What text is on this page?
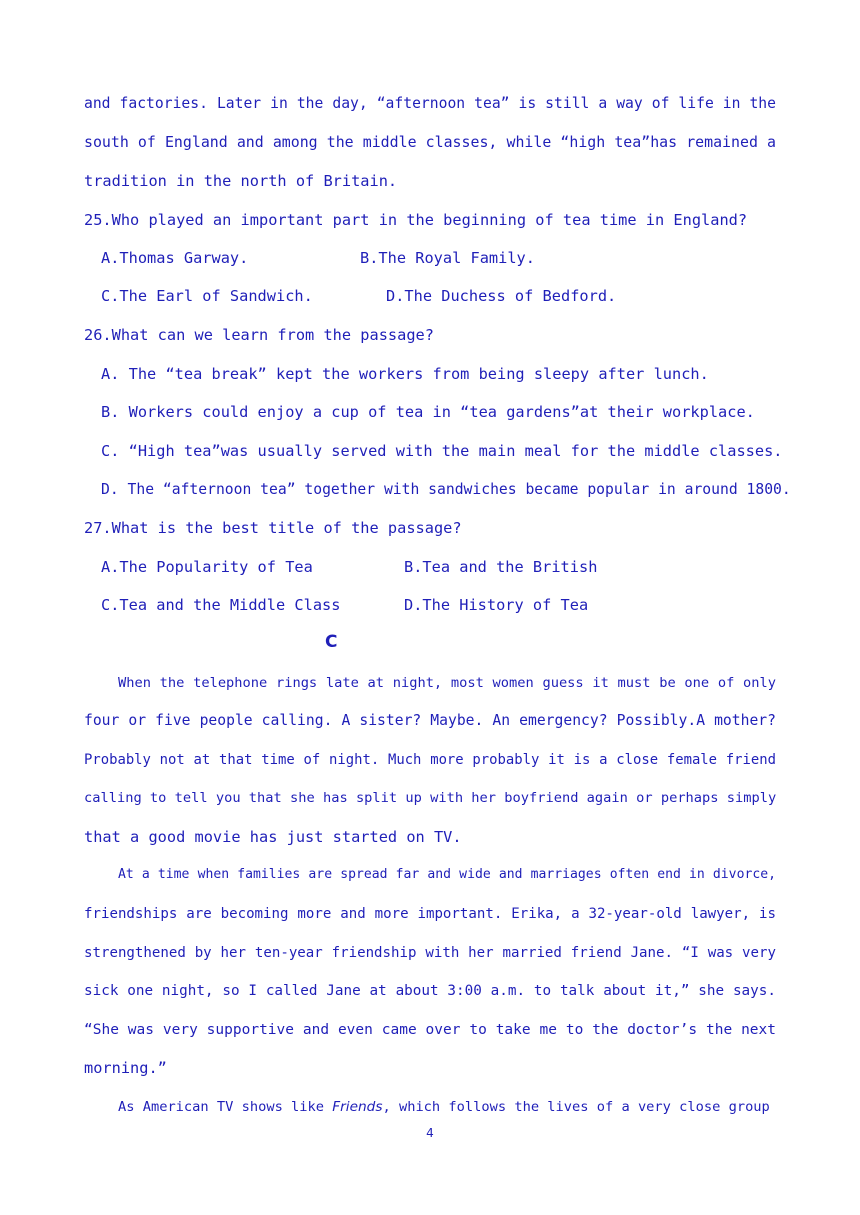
and factories. Later in the day, “afternoon tea” is still a way of life in the
south of England and among the middle classes, while “high tea”has remained a
tradition in the north of Britain.
25.Who played an important part in the beginning of tea time in England?
A.Thomas Garway.	B.The Royal Family.
C.The Earl of Sandwich.	D.The Duchess of Bedford.
26.What can we learn from the passage?
A. The “tea break” kept the workers from being sleepy after lunch.
B. Workers could enjoy a cup of tea in “tea gardens”at their workplace.
C. “High tea”was usually served with the main meal for the middle classes.
D. The “afternoon tea” together with sandwiches became popular in around 1800.
27.What is the best title of the passage?
A.The Popularity of Tea	B.Tea and the British
C.Tea and the Middle Class	D.The History of Tea
C
When the telephone rings late at night, most women guess it must be one of only
four or five people calling. A sister? Maybe. An emergency? Possibly.A mother?
Probably not at that time of night. Much more probably it is a close female friend
calling to tell you that she has split up with her boyfriend again or perhaps simply
that a good movie has just started on TV.
At a time when families are spread far and wide and marriages often end in divorce,
friendships are becoming more and more important. Erika, a 32-year-old lawyer, is
strengthened by her ten-year friendship with her married friend Jane. “I was very
sick one night, so I called Jane at about 3:00 a.m. to talk about it,” she says.
“She was very supportive and even came over to take me to the doctor’s the next
morning.”
As American TV shows like Friends, which follows the lives of a very close group
4
